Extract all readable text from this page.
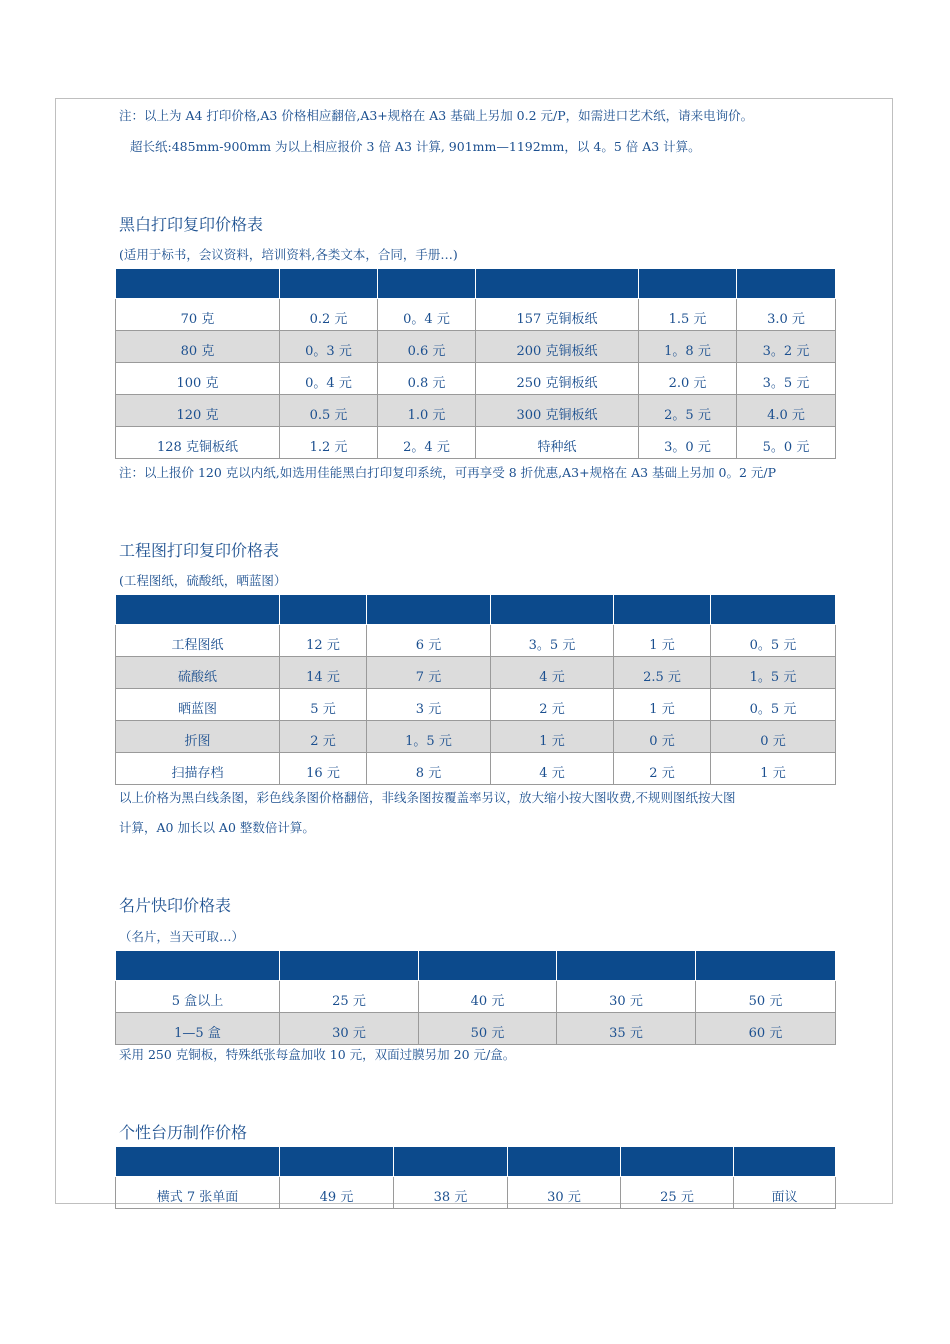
注：以上为 A4 打印价格,A3 价格相应翻倍,A3+规格在 A3 基础上另加 0.2 元/P，如需进口艺术纸，请来电询价。
超长纸:485mm-900mm 为以上相应报价 3 倍 A3 计算, 901mm—1192mm，以 4。5 倍 A3 计算。
黑白打印复印价格表
(适用于标书，会议资料，培训资料,各类文本，合同，手册…)

70 克	0.2 元	0。4 元	157 克铜板纸	1.5 元	3.0 元
80 克	0。3 元	0.6 元	200 克铜板纸	1。8 元	3。2 元
100 克	0。4 元	0.8 元	250 克铜板纸	2.0 元	3。5 元
120 克	0.5 元	1.0 元	300 克铜板纸	2。5 元	4.0 元
128 克铜板纸	1.2 元	2。4 元	特种纸	3。0 元	5。0 元
注：以上报价 120 克以内纸,如选用佳能黑白打印复印系统，可再享受 8 折优惠,A3+规格在 A3 基础上另加 0。2 元/P
工程图打印复印价格表
(工程图纸，硫酸纸，晒蓝图）

工程图纸	12 元	6 元	3。5 元	1 元	0。5 元
硫酸纸	14 元	7 元	4 元	2.5 元	1。5 元
晒蓝图	5 元	3 元	2 元	1 元	0。5 元
折图	2 元	1。5 元	1 元	0 元	0 元
扫描存档	16 元	8 元	4 元	2 元	1 元
以上价格为黑白线条图，彩色线条图价格翻倍，非线条图按覆盖率另议，放大缩小按大图收费,不规则图纸按大图
计算，A0 加长以 A0 整数倍计算。
名片快印价格表
（名片，当天可取…）

5 盒以上	25 元	40 元	30 元	50 元
1—5 盒	30 元	50 元	35 元	60 元
采用 250 克铜板，特殊纸张每盒加收 10 元，双面过膜另加 20 元/盒。
个性台历制作价格

横式 7 张单面	49 元	38 元	30 元	25 元	面议
